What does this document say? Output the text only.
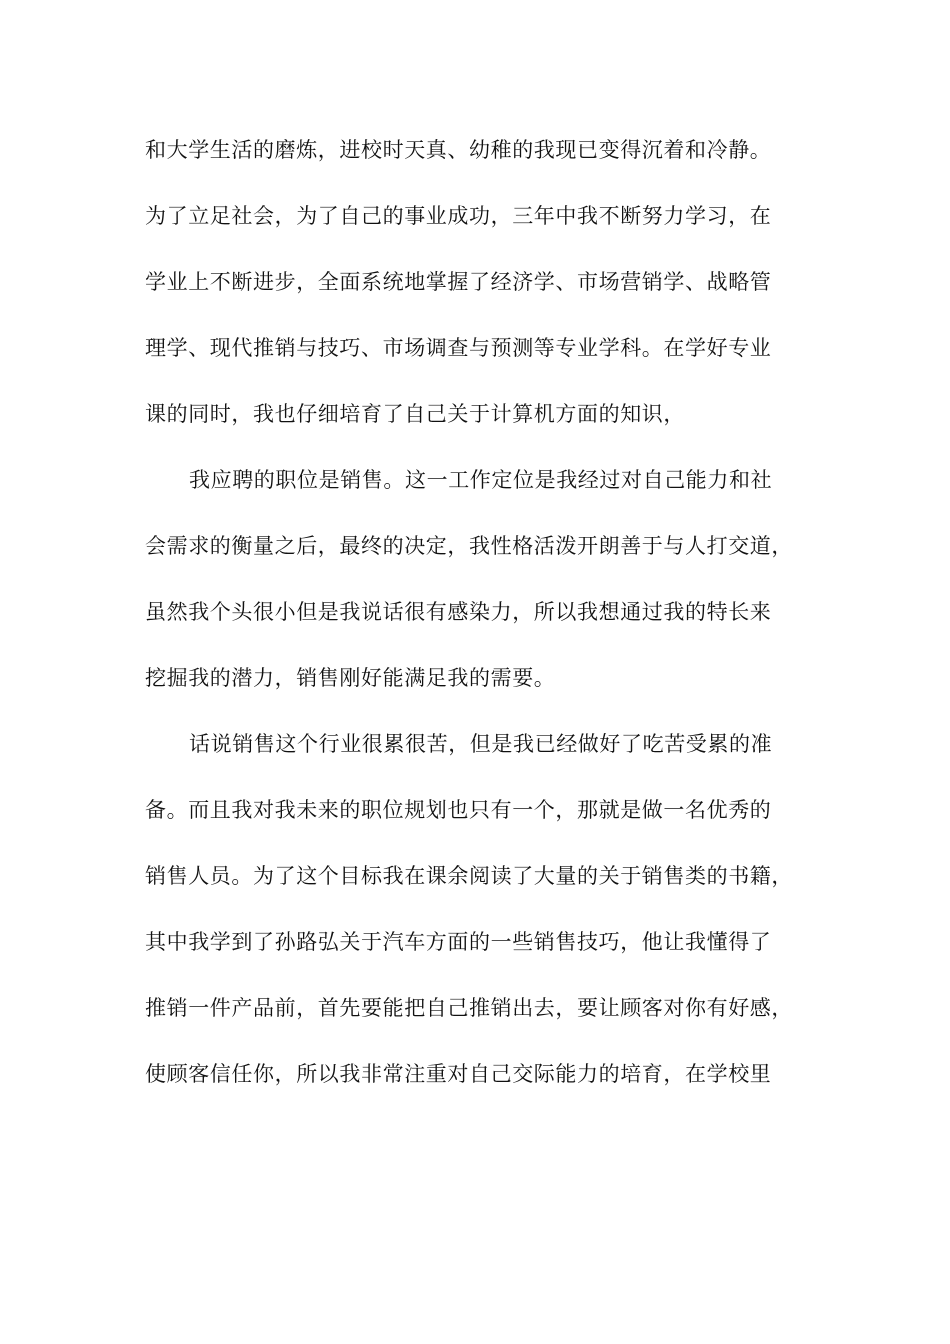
和大学生活的磨炼，进校时天真、幼稚的我现已变得沉着和冷静。
为了立足社会，为了自己的事业成功，三年中我不断努力学习，在
学业上不断进步，全面系统地掌握了经济学、市场营销学、战略管
理学、现代推销与技巧、市场调查与预测等专业学科。在学好专业
课的同时，我也仔细培育了自己关于计算机方面的知识，
我应聘的职位是销售。这一工作定位是我经过对自己能力和社
会需求的衡量之后，最终的决定，我性格活泼开朗善于与人打交道，
虽然我个头很小但是我说话很有感染力，所以我想通过我的特长来
挖掘我的潜力，销售刚好能满足我的需要。
话说销售这个行业很累很苦，但是我已经做好了吃苦受累的准
备。而且我对我未来的职位规划也只有一个，那就是做一名优秀的
销售人员。为了这个目标我在课余阅读了大量的关于销售类的书籍，
其中我学到了孙路弘关于汽车方面的一些销售技巧，他让我懂得了
推销一件产品前，首先要能把自己推销出去，要让顾客对你有好感，
使顾客信任你，所以我非常注重对自己交际能力的培育，在学校里
